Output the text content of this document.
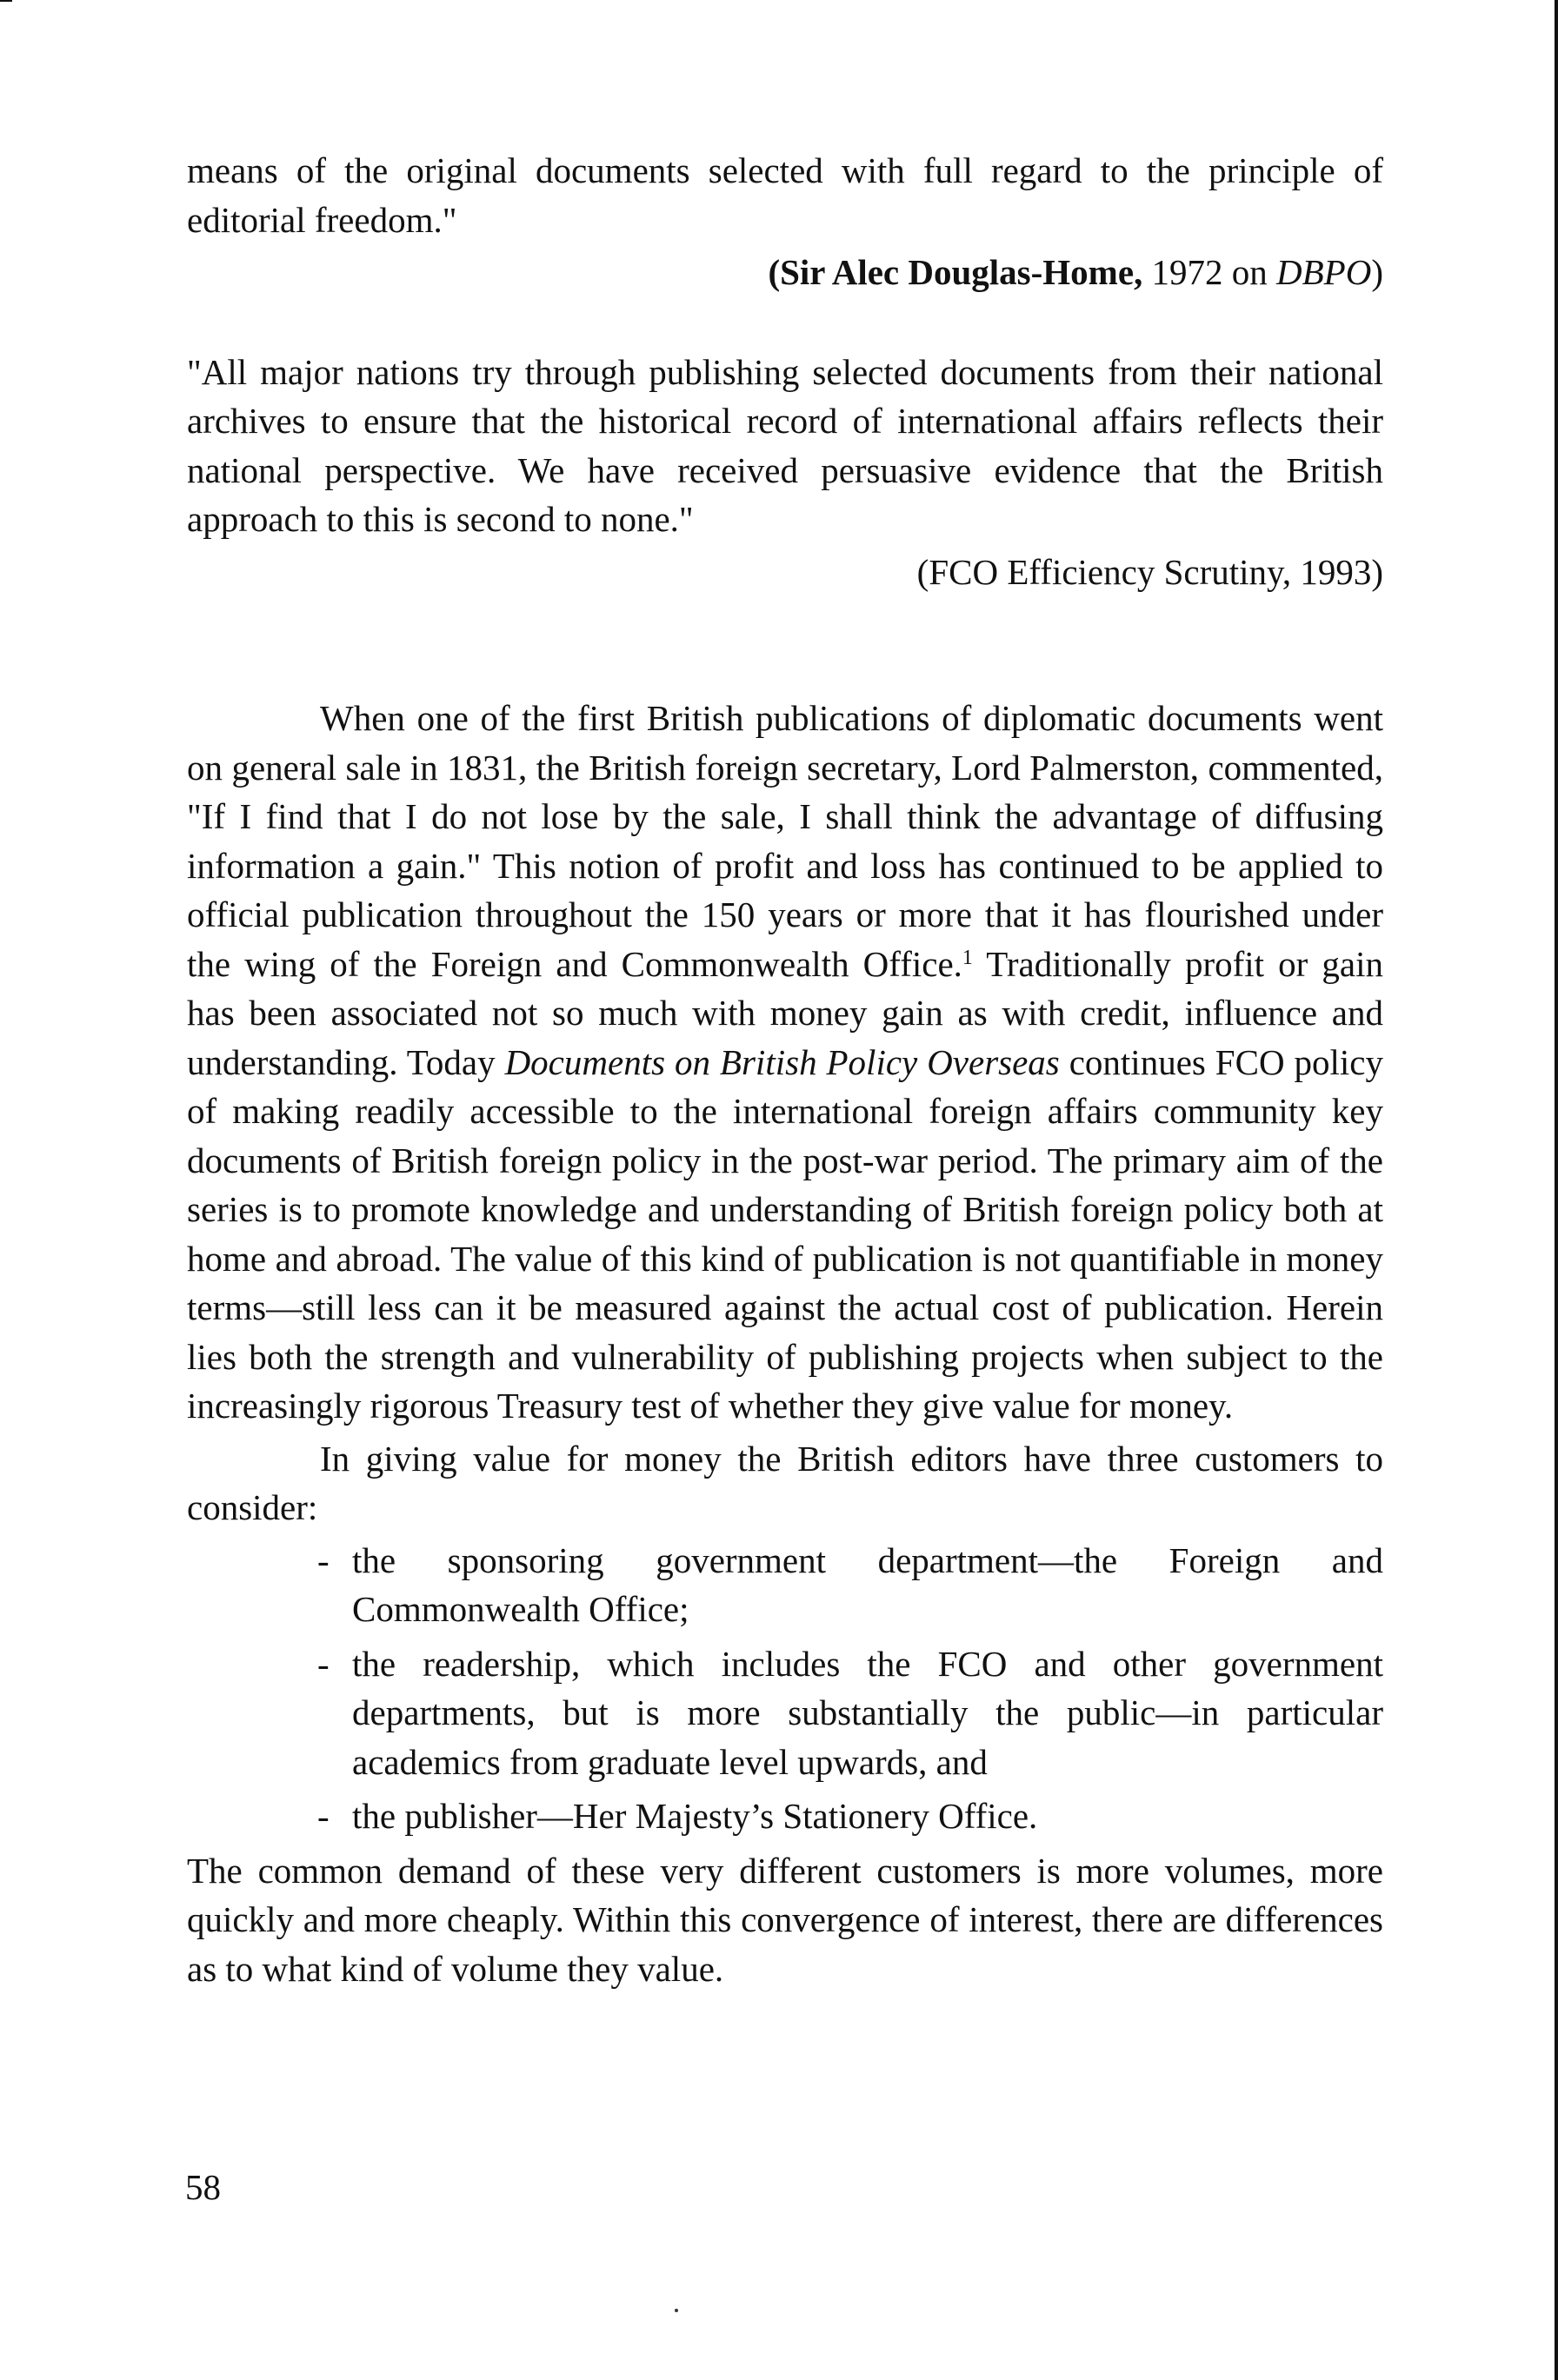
means of the original documents selected with full regard to the principle of editorial freedom."

(Sir Alec Douglas-Home, 1972 on DBPO)

"All major nations try through publishing selected documents from their national archives to ensure that the historical record of international affairs reflects their national perspective. We have received persuasive evidence that the British approach to this is second to none."

(FCO Efficiency Scrutiny, 1993)

When one of the first British publications of diplomatic documents went on general sale in 1831, the British foreign secretary, Lord Palmerston, commented, "If I find that I do not lose by the sale, I shall think the advantage of diffusing information a gain." This notion of profit and loss has continued to be applied to official publication throughout the 150 years or more that it has flourished under the wing of the Foreign and Commonwealth Office.$^1$ Traditionally profit or gain has been associated not so much with money gain as with credit, influence and understanding. Today Documents on British Policy Overseas continues FCO policy of making readily accessible to the international foreign affairs community key documents of British foreign policy in the post-war period. The primary aim of the series is to promote knowledge and understanding of British foreign policy both at home and abroad. The value of this kind of publication is not quantifiable in money terms—still less can it be measured against the actual cost of publication. Herein lies both the strength and vulnerability of publishing projects when subject to the increasingly rigorous Treasury test of whether they give value for money.

In giving value for money the British editors have three customers to consider:

- the sponsoring government department—the Foreign and Commonwealth Office;
- the readership, which includes the FCO and other government departments, but is more substantially the public—in particular academics from graduate level upwards, and
- the publisher—Her Majesty’s Stationery Office.

The common demand of these very different customers is more volumes, more quickly and more cheaply. Within this convergence of interest, there are differences as to what kind of volume they value.

58
